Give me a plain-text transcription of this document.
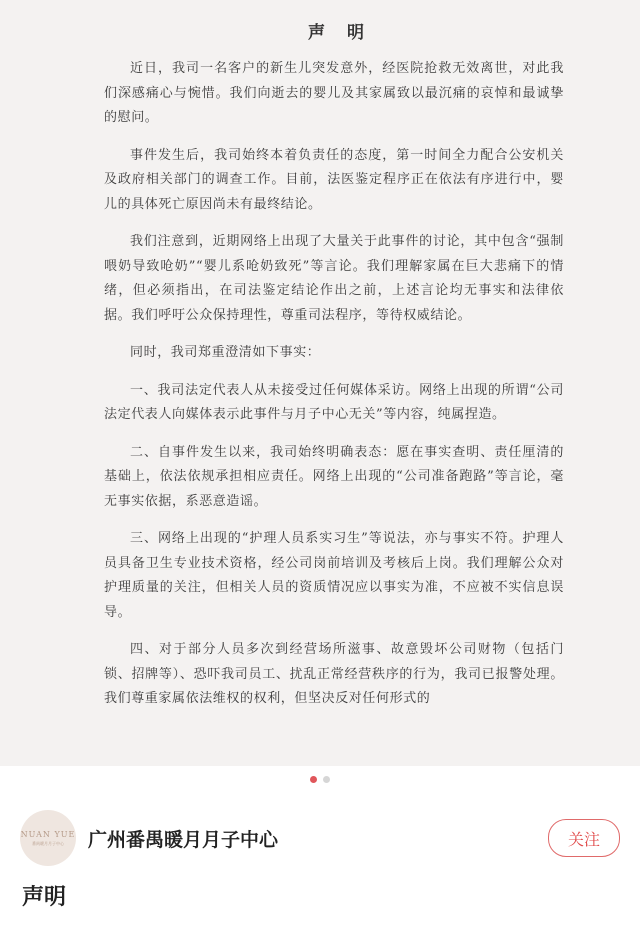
声明

近日，我司一名客户的新生儿突发意外，经医院抢救无效离世，对此我们深感痛心与惋惜。我们向逝去的婴儿及其家属致以最沉痛的哀悼和最诚挚的慰问。

事件发生后，我司始终本着负责任的态度，第一时间全力配合公安机关及政府相关部门的调查工作。目前，法医鉴定程序正在依法有序进行中，婴儿的具体死亡原因尚未有最终结论。

我们注意到，近期网络上出现了大量关于此事件的讨论，其中包含“强制喂奶导致呛奶”“婴儿系呛奶致死”等言论。我们理解家属在巨大悲痛下的情绪，但必须指出，在司法鉴定结论作出之前，上述言论均无事实和法律依据。我们呼吁公众保持理性，尊重司法程序，等待权威结论。

同时，我司郑重澄清如下事实：

一、我司法定代表人从未接受过任何媒体采访。网络上出现的所谓“公司法定代表人向媒体表示此事件与月子中心无关”等内容，纯属捏造。

二、自事件发生以来，我司始终明确表态：愿在事实查明、责任厘清的基础上，依法依规承担相应责任。网络上出现的“公司准备跑路”等言论，毫无事实依据，系恶意造谣。

三、网络上出现的“护理人员系实习生”等说法，亦与事实不符。护理人员具备卫生专业技术资格，经公司岗前培训及考核后上岗。我们理解公众对护理质量的关注，但相关人员的资质情况应以事实为准，不应被不实信息误导。

四、对于部分人员多次到经营场所滋事、故意毁坏公司财物（包括门锁、招牌等）、恐吓我司员工、扰乱正常经营秩序的行为，我司已报警处理。我们尊重家属依法维权的权利，但坚决反对任何形式的

NUAN YUE
番禺暖月月子中心 广州番禺暖月月子中心	关注
声明
